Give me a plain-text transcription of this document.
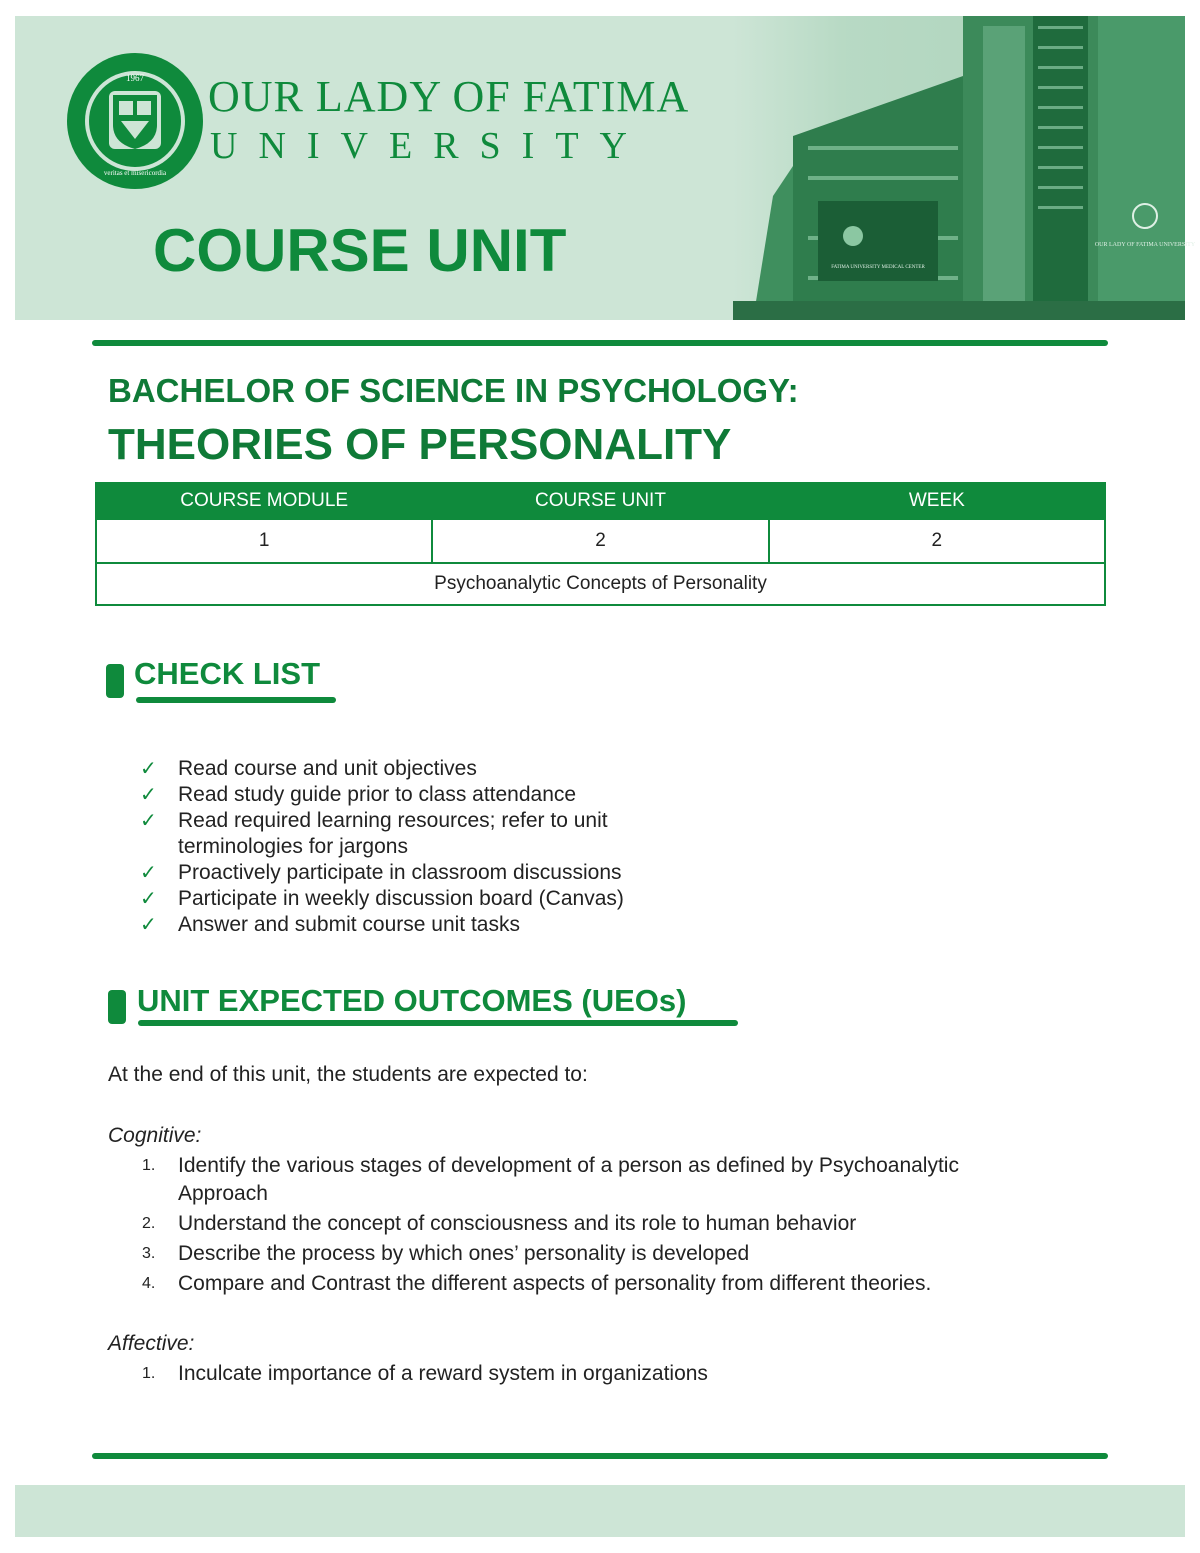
1967
veritas et misericordia
OUR LADY OF FATIMA
UNIVERSITY
COURSE UNIT	FATIMA UNIVERSITY MEDICAL CENTER
OUR LADY OF FATIMA UNIVERSITY
BACHELOR OF SCIENCE IN PSYCHOLOGY:
THEORIES OF PERSONALITY
COURSE MODULE	COURSE UNIT	WEEK
1	2	2
Psychoanalytic Concepts of Personality		
CHECK LIST
✓ Read course and unit objectives
✓ Read study guide prior to class attendance
✓ Read required learning resources; refer to unit terminologies for jargons
✓ Proactively participate in classroom discussions
✓ Participate in weekly discussion board (Canvas)
✓ Answer and submit course unit tasks
UNIT EXPECTED OUTCOMES (UEOs)
At the end of this unit, the students are expected to:
Cognitive:
1. Identify the various stages of development of a person as defined by Psychoanalytic Approach
2. Understand the concept of consciousness and its role to human behavior
3. Describe the process by which ones’ personality is developed
4. Compare and Contrast the different aspects of personality from different theories.
Affective:
1. Inculcate importance of a reward system in organizations
